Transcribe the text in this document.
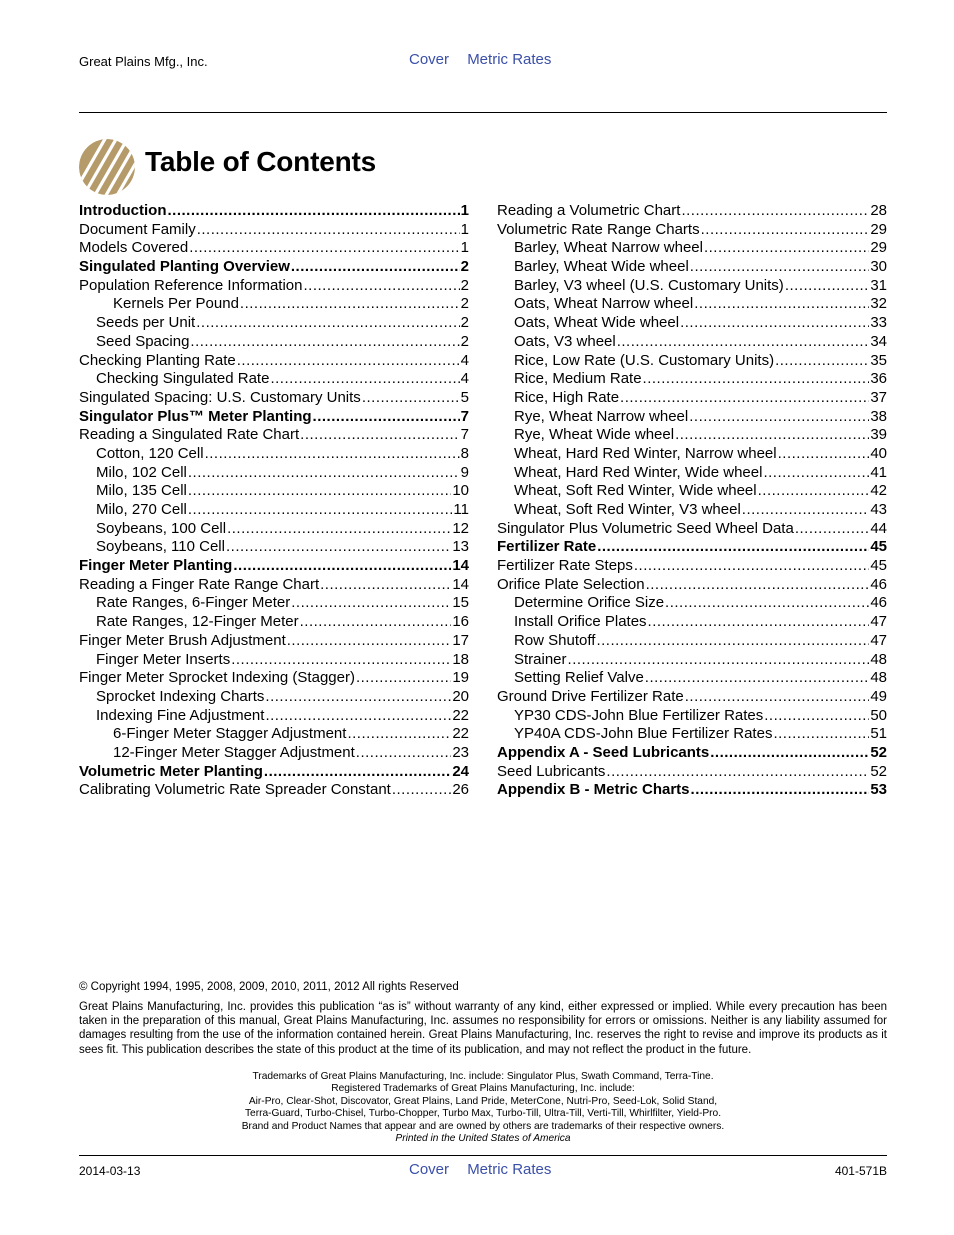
Great Plains Mfg., Inc.	Cover Metric Rates
Table of Contents
Introduction .....	1
Document Family .....	1
Models Covered .....	1
Singulated Planting Overview .....	2
Population Reference Information .....	2
Kernels Per Pound .....	2
Seeds per Unit .....	2
Seed Spacing .....	2
Checking Planting Rate .....	4
Checking Singulated Rate .....	4
Singulated Spacing: U.S. Customary Units .....	5
Singulator Plus™ Meter Planting .....	7
Reading a Singulated Rate Chart .....	7
Cotton, 120 Cell .....	8
Milo, 102 Cell .....	9
Milo, 135 Cell .....	10
Milo, 270 Cell .....	11
Soybeans, 100 Cell .....	12
Soybeans, 110 Cell .....	13
Finger Meter Planting .....	14
Reading a Finger Rate Range Chart .....	14
Rate Ranges, 6-Finger Meter .....	15
Rate Ranges, 12-Finger Meter .....	16
Finger Meter Brush Adjustment .....	17
Finger Meter Inserts .....	18
Finger Meter Sprocket Indexing (Stagger) .....	19
Sprocket Indexing Charts .....	20
Indexing Fine Adjustment .....	22
6-Finger Meter Stagger Adjustment .....	22
12-Finger Meter Stagger Adjustment .....	23
Volumetric Meter Planting .....	24
Calibrating Volumetric Rate Spreader Constant .....	26
Reading a Volumetric Chart .....	28
Volumetric Rate Range Charts .....	29
Barley, Wheat Narrow wheel .....	29
Barley, Wheat Wide wheel .....	30
Barley, V3 wheel (U.S. Customary Units) .....	31
Oats, Wheat Narrow wheel .....	32
Oats, Wheat Wide wheel .....	33
Oats, V3 wheel .....	34
Rice, Low Rate (U.S. Customary Units) .....	35
Rice, Medium Rate .....	36
Rice, High Rate .....	37
Rye, Wheat Narrow wheel .....	38
Rye, Wheat Wide wheel .....	39
Wheat, Hard Red Winter, Narrow wheel .....	40
Wheat, Hard Red Winter, Wide wheel .....	41
Wheat, Soft Red Winter, Wide wheel .....	42
Wheat, Soft Red Winter, V3 wheel .....	43
Singulator Plus Volumetric Seed Wheel Data .....	44
Fertilizer Rate .....	45
Fertilizer Rate Steps .....	45
Orifice Plate Selection .....	46
Determine Orifice Size .....	46
Install Orifice Plates .....	47
Row Shutoff .....	47
Strainer .....	48
Setting Relief Valve .....	48
Ground Drive Fertilizer Rate .....	49
YP30 CDS-John Blue Fertilizer Rates .....	50
YP40A CDS-John Blue Fertilizer Rates .....	51
Appendix A - Seed Lubricants .....	52
Seed Lubricants .....	52
Appendix B - Metric Charts .....	53
© Copyright 1994, 1995, 2008, 2009, 2010, 2011, 2012 All rights Reserved
Great Plains Manufacturing, Inc. provides this publication “as is” without warranty of any kind, either expressed or implied. While every precaution has been taken in the preparation of this manual, Great Plains Manufacturing, Inc. assumes no responsibility for errors or omissions. Neither is any liability assumed for damages resulting from the use of the information contained herein. Great Plains Manufacturing, Inc. reserves the right to revise and improve its products as it sees fit. This publication describes the state of this product at the time of its publication, and may not reflect the product in the future.
Trademarks of Great Plains Manufacturing, Inc. include: Singulator Plus, Swath Command, Terra-Tine.
Registered Trademarks of Great Plains Manufacturing, Inc. include:
Air-Pro, Clear-Shot, Discovator, Great Plains, Land Pride, MeterCone, Nutri-Pro, Seed-Lok, Solid Stand,
Terra-Guard, Turbo-Chisel, Turbo-Chopper, Turbo Max, Turbo-Till, Ultra-Till, Verti-Till, Whirlfilter, Yield-Pro.
Brand and Product Names that appear and are owned by others are trademarks of their respective owners.
Printed in the United States of America
2014-03-13	Cover Metric Rates	401-571B
